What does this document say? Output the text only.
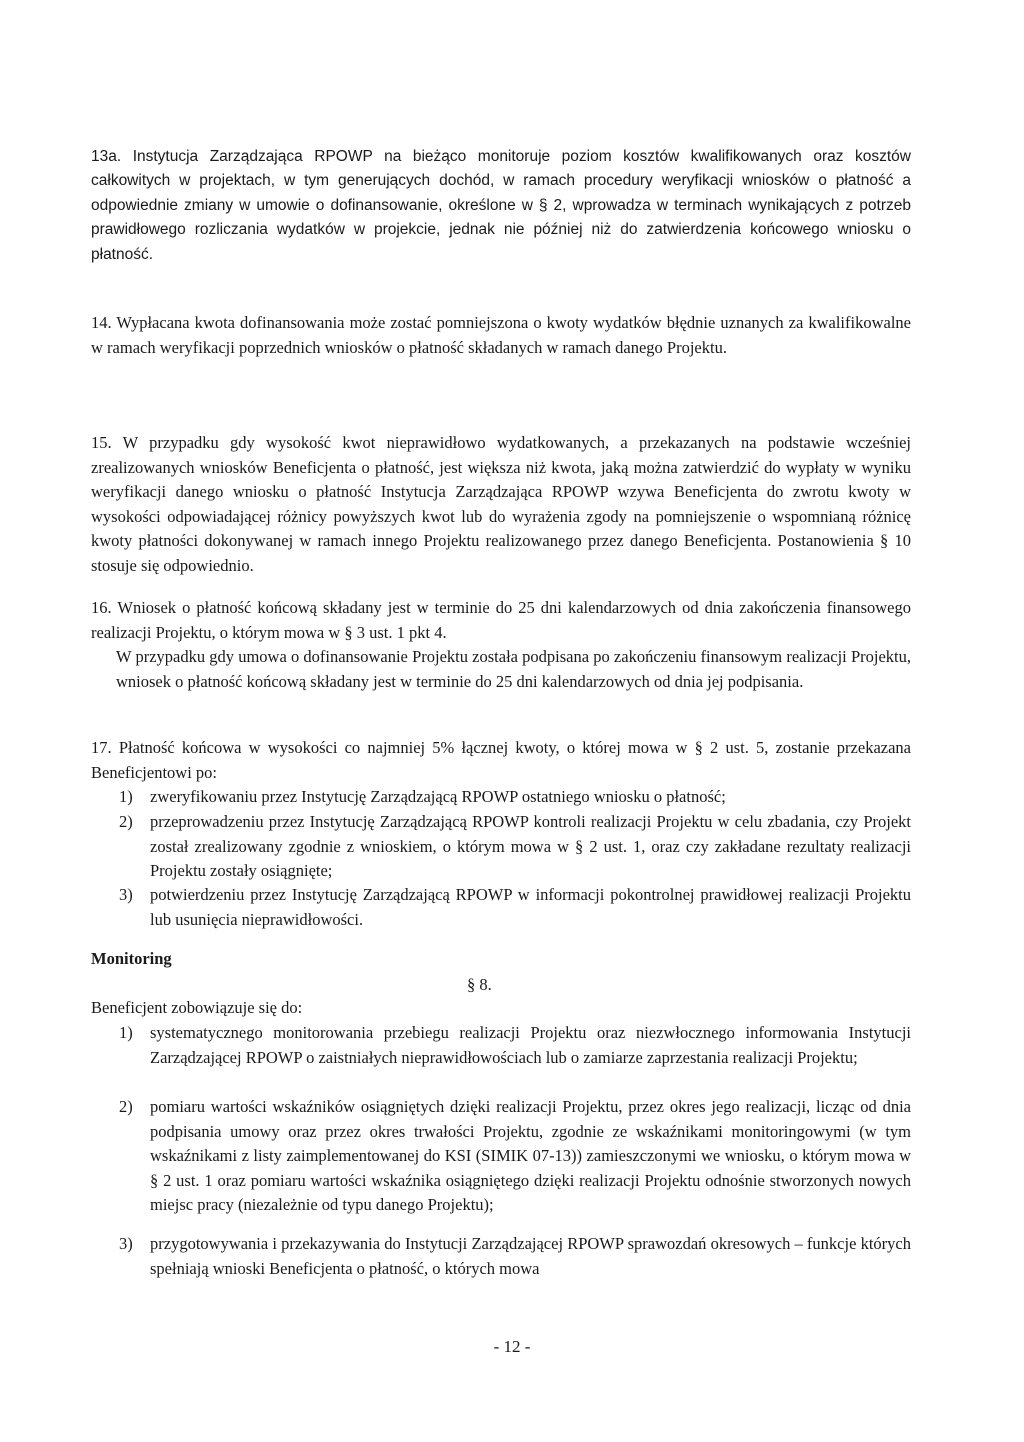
13a. Instytucja Zarządzająca RPOWP na bieżąco monitoruje poziom kosztów kwalifikowanych oraz kosztów całkowitych w projektach, w tym generujących dochód, w ramach procedury weryfikacji wniosków o płatność a odpowiednie zmiany w umowie o dofinansowanie, określone w § 2, wprowadza w terminach wynikających z potrzeb prawidłowego rozliczania wydatków w projekcie, jednak nie później niż do zatwierdzenia końcowego wniosku o płatność.
14. Wypłacana kwota dofinansowania może zostać pomniejszona o kwoty wydatków błędnie uznanych za kwalifikowalne w ramach weryfikacji poprzednich wniosków o płatność składanych w ramach danego Projektu.
15. W przypadku gdy wysokość kwot nieprawidłowo wydatkowanych, a przekazanych na podstawie wcześniej zrealizowanych wniosków Beneficjenta o płatność, jest większa niż kwota, jaką można zatwierdzić do wypłaty w wyniku weryfikacji danego wniosku o płatność Instytucja Zarządzająca RPOWP wzywa Beneficjenta do zwrotu kwoty w wysokości odpowiadającej różnicy powyższych kwot lub do wyrażenia zgody na pomniejszenie o wspomnianą różnicę kwoty płatności dokonywanej w ramach innego Projektu realizowanego przez danego Beneficjenta. Postanowienia § 10 stosuje się odpowiednio.
16. Wniosek o płatność końcową składany jest w terminie do 25 dni kalendarzowych od dnia zakończenia finansowego realizacji Projektu, o którym mowa w § 3 ust. 1 pkt 4.
W przypadku gdy umowa o dofinansowanie Projektu została podpisana po zakończeniu finansowym realizacji Projektu, wniosek o płatność końcową składany jest w terminie do 25 dni kalendarzowych od dnia jej podpisania.
17. Płatność końcowa w wysokości co najmniej 5% łącznej kwoty, o której mowa w § 2 ust. 5, zostanie przekazana Beneficjentowi po:
1) zweryfikowaniu przez Instytucję Zarządzającą RPOWP ostatniego wniosku o płatność;
2) przeprowadzeniu przez Instytucję Zarządzającą RPOWP kontroli realizacji Projektu w celu zbadania, czy Projekt został zrealizowany zgodnie z wnioskiem, o którym mowa w § 2 ust. 1, oraz czy zakładane rezultaty realizacji Projektu zostały osiągnięte;
3) potwierdzeniu przez Instytucję Zarządzającą RPOWP w informacji pokontrolnej prawidłowej realizacji Projektu lub usunięcia nieprawidłowości.
Monitoring
§ 8.
Beneficjent zobowiązuje się do:
1) systematycznego monitorowania przebiegu realizacji Projektu oraz niezwłocznego informowania Instytucji Zarządzającej RPOWP o zaistniałych nieprawidłowościach lub o zamiarze zaprzestania realizacji Projektu;
2) pomiaru wartości wskaźników osiągniętych dzięki realizacji Projektu, przez okres jego realizacji, licząc od dnia podpisania umowy oraz przez okres trwałości Projektu, zgodnie ze wskaźnikami monitoringowymi (w tym wskaźnikami z listy zaimplementowanej do KSI (SIMIK 07-13)) zamieszczonymi we wniosku, o którym mowa w § 2 ust. 1 oraz pomiaru wartości wskaźnika osiągniętego dzięki realizacji Projektu odnośnie stworzonych nowych miejsc pracy (niezależnie od typu danego Projektu);
3) przygotowywania i przekazywania do Instytucji Zarządzającej RPOWP sprawozdań okresowych – funkcje których spełniają wnioski Beneficjenta o płatność, o których mowa
- 12 -
